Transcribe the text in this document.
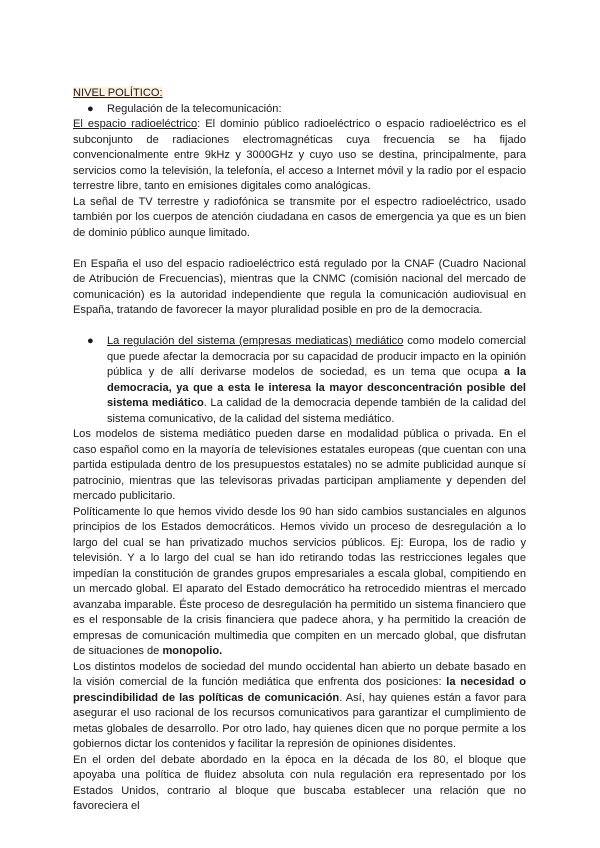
NIVEL POLÍTICO:

● Regulación de la telecomunicación:

El espacio radioeléctrico: El dominio público radioeléctrico o espacio radioeléctrico es el subconjunto de radiaciones electromagnéticas cuya frecuencia se ha fijado convencionalmente entre 9kHz y 3000GHz y cuyo uso se destina, principalmente, para servicios como la televisión, la telefonía, el acceso a Internet móvil y la radio por el espacio terrestre libre, tanto en emisiones digitales como analógicas.

La señal de TV terrestre y radiofónica se transmite por el espectro radioeléctrico, usado también por los cuerpos de atención ciudadana en casos de emergencia ya que es un bien de dominio público aunque limitado.

En España el uso del espacio radioeléctrico está regulado por la CNAF (Cuadro Nacional de Atribución de Frecuencias), mientras que la CNMC (comisión nacional del mercado de comunicación) es la autoridad independiente que regula la comunicación audiovisual en España, tratando de favorecer la mayor pluralidad posible en pro de la democracia.

● La regulación del sistema (empresas mediaticas) mediático como modelo comercial que puede afectar la democracia por su capacidad de producir impacto en la opinión pública y de allí derivarse modelos de sociedad, es un tema que ocupa a la democracia, ya que a esta le interesa la mayor desconcentración posible del sistema mediático. La calidad de la democracia depende también de la calidad del sistema comunicativo, de la calidad del sistema mediático.

Los modelos de sistema mediático pueden darse en modalidad pública o privada. En el caso español como en la mayoría de televisiones estatales europeas (que cuentan con una partida estipulada dentro de los presupuestos estatales) no se admite publicidad aunque sí patrocinio, mientras que las televisoras privadas participan ampliamente y dependen del mercado publicitario.

Políticamente lo que hemos vivido desde los 90 han sido cambios sustanciales en algunos principios de los Estados democráticos. Hemos vivido un proceso de desregulación a lo largo del cual se han privatizado muchos servicios públicos. Ej: Europa, los de radio y televisión. Y a lo largo del cual se han ido retirando todas las restricciones legales que impedían la constitución de grandes grupos empresariales a escala global, compitiendo en un mercado global. El aparato del Estado democrático ha retrocedido mientras el mercado avanzaba imparable. Éste proceso de desregulación ha permitido un sistema financiero que es el responsable de la crisis financiera que padece ahora, y ha permitido la creación de empresas de comunicación multimedia que compiten en un mercado global, que disfrutan de situaciones de monopolio.

Los distintos modelos de sociedad del mundo occidental han abierto un debate basado en la visión comercial de la función mediática que enfrenta dos posiciones: la necesidad o prescindibilidad de las políticas de comunicación. Así, hay quienes están a favor para asegurar el uso racional de los recursos comunicativos para garantizar el cumplimiento de metas globales de desarrollo. Por otro lado, hay quienes dicen que no porque permite a los gobiernos dictar los contenidos y facilitar la represión de opiniones disidentes.

En el orden del debate abordado en la época en la década de los 80, el bloque que apoyaba una política de fluidez absoluta con nula regulación era representado por los Estados Unidos, contrario al bloque que buscaba establecer una relación que no favoreciera el
